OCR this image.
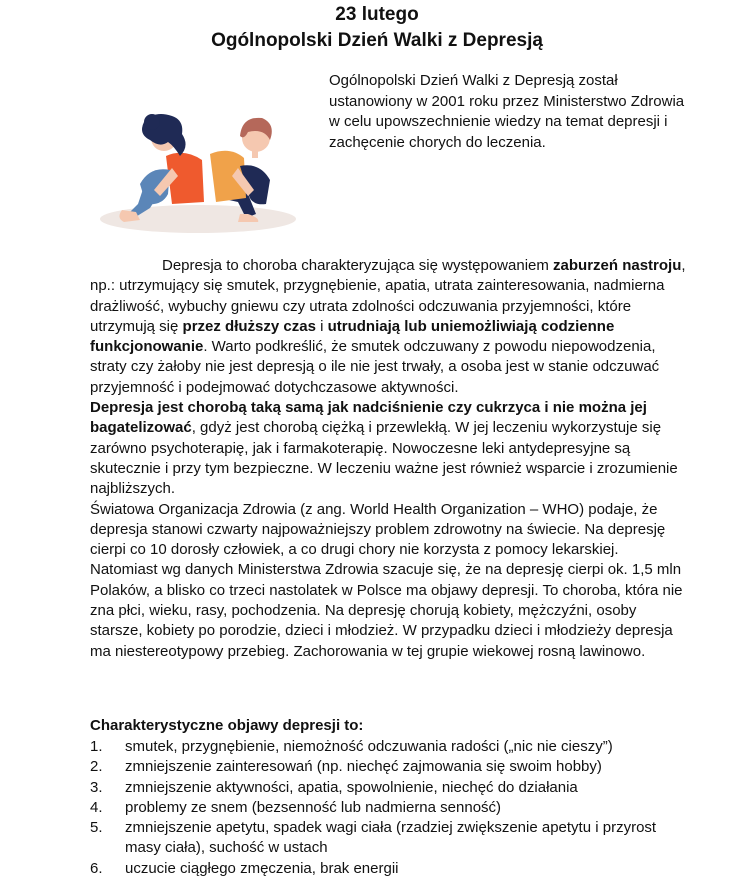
23 lutego
Ogólnopolski Dzień Walki z Depresją

Ogólnopolski Dzień Walki z Depresją został ustanowiony w 2001 roku przez Ministerstwo Zdrowia w celu upowszechnienie wiedzy na temat depresji i zachęcenie chorych do leczenia.

Depresja to choroba charakteryzująca się występowaniem zaburzeń nastroju, np.: utrzymujący się smutek, przygnębienie, apatia, utrata zainteresowania, nadmierna drażliwość, wybuchy gniewu czy utrata zdolności odczuwania przyjemności, które utrzymują się przez dłuższy czas i utrudniają lub uniemożliwiają codzienne funkcjonowanie. Warto podkreślić, że smutek odczuwany z powodu niepowodzenia, straty czy żałoby nie jest depresją o ile nie jest trwały, a osoba jest w stanie odczuwać przyjemność i podejmować dotychczasowe aktywności.

Depresja jest chorobą taką samą jak nadciśnienie czy cukrzyca i nie można jej bagatelizować, gdyż jest chorobą ciężką i przewlekłą. W jej leczeniu wykorzystuje się zarówno psychoterapię, jak i farmakoterapię. Nowoczesne leki antydepresyjne są skutecznie i przy tym bezpieczne. W leczeniu ważne jest również wsparcie i zrozumienie najbliższych.

Światowa Organizacja Zdrowia (z ang. World Health Organization – WHO) podaje, że depresja stanowi czwarty najpoważniejszy problem zdrowotny na świecie. Na depresję cierpi co 10 dorosły człowiek, a co drugi chory nie korzysta z pomocy lekarskiej. Natomiast wg danych Ministerstwa Zdrowia szacuje się, że na depresję cierpi ok. 1,5 mln Polaków, a blisko co trzeci nastolatek w Polsce ma objawy depresji. To choroba, która nie zna płci, wieku, rasy, pochodzenia. Na depresję chorują kobiety, mężczyźni, osoby starsze, kobiety po porodzie, dzieci i młodzież. W przypadku dzieci i młodzieży depresja ma niestereotypowy przebieg. Zachorowania w tej grupie wiekowej rosną lawinowo.

Charakterystyczne objawy depresji to:

1.	smutek, przygnębienie, niemożność odczuwania radości („nic nie cieszy”)
2.	zmniejszenie zainteresowań (np. niechęć zajmowania się swoim hobby)
3.	zmniejszenie aktywności, apatia, spowolnienie, niechęć do działania
4.	problemy ze snem (bezsenność lub nadmierna senność)
5.	zmniejszenie apetytu, spadek wagi ciała (rzadziej zwiększenie apetytu i przyrost masy ciała), suchość w ustach
6.	uczucie ciągłego zmęczenia, brak energii
